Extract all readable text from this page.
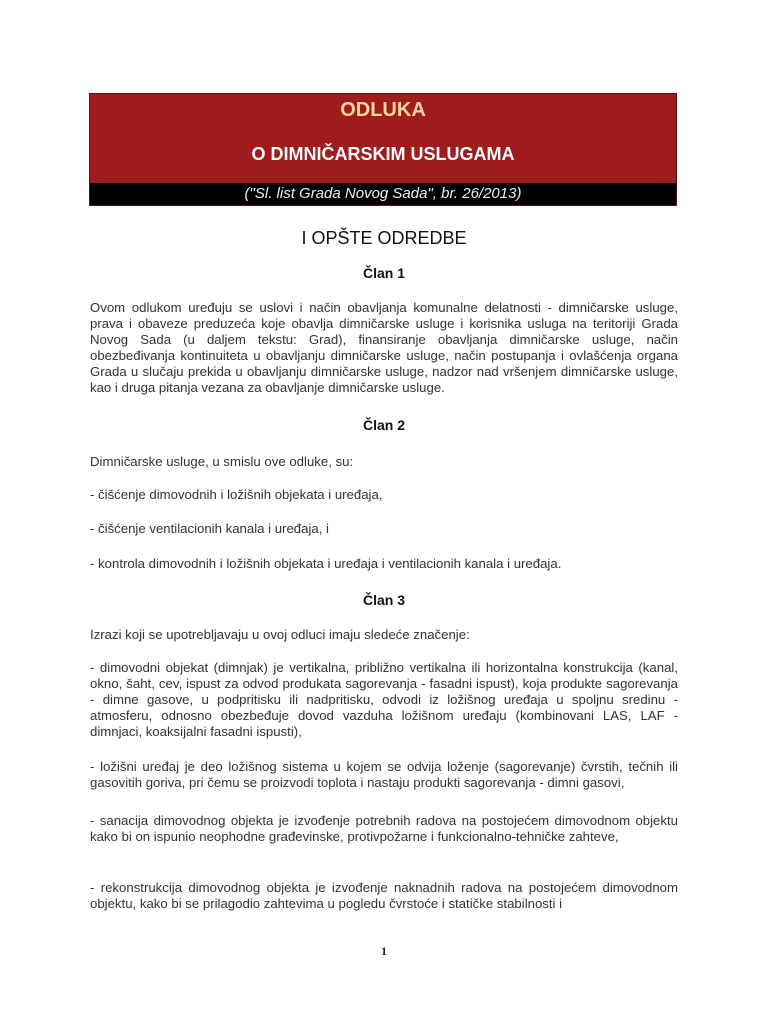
ODLUKA
O DIMNIČARSKIM USLUGAMA
("Sl. list Grada Novog Sada", br. 26/2013)
I OPŠTE ODREDBE
Član 1
Ovom odlukom uređuju se uslovi i način obavljanja komunalne delatnosti - dimničarske usluge, prava i obaveze preduzeća koje obavlja dimničarske usluge i korisnika usluga na teritoriji Grada Novog Sada (u daljem tekstu: Grad), finansiranje obavljanja dimničarske usluge, način obezbeđivanja kontinuiteta u obavljanju dimničarske usluge, način postupanja i ovlašćenja organa Grada u slučaju prekida u obavljanju dimničarske usluge, nadzor nad vršenjem dimničarske usluge, kao i druga pitanja vezana za obavljanje dimničarske usluge.
Član 2
Dimničarske usluge, u smislu ove odluke, su:
- čišćenje dimovodnih i ložišnih objekata i uređaja,
- čišćenje ventilacionih kanala i uređaja, i
- kontrola dimovodnih i ložišnih objekata i uređaja i ventilacionih kanala i uređaja.
Član 3
Izrazi koji se upotrebljavaju u ovoj odluci imaju sledeće značenje:
- dimovodni objekat (dimnjak) je vertikalna, približno vertikalna ili horizontalna konstrukcija (kanal, okno, šaht, cev, ispust za odvod produkata sagorevanja - fasadni ispust), koja produkte sagorevanja - dimne gasove, u podpritisku ili nadpritisku, odvodi iz ložišnog uređaja u spoljnu sredinu - atmosferu, odnosno obezbeđuje dovod vazduha ložišnom uređaju (kombinovani LAS, LAF - dimnjaci, koaksijalni fasadni ispusti),
- ložišni uređaj je deo ložišnog sistema u kojem se odvija loženje (sagorevanje) čvrstih, tečnih ili gasovitih goriva, pri čemu se proizvodi toplota i nastaju produkti sagorevanja - dimni gasovi,
- sanacija dimovodnog objekta je izvođenje potrebnih radova na postojećem dimovodnom objektu kako bi on ispunio neophodne građevinske, protivpožarne i funkcionalno-tehničke zahteve,
- rekonstrukcija dimovodnog objekta je izvođenje naknadnih radova na postojećem dimovodnom objektu, kako bi se prilagodio zahtevima u pogledu čvrstoće i statičke stabilnosti i
1
